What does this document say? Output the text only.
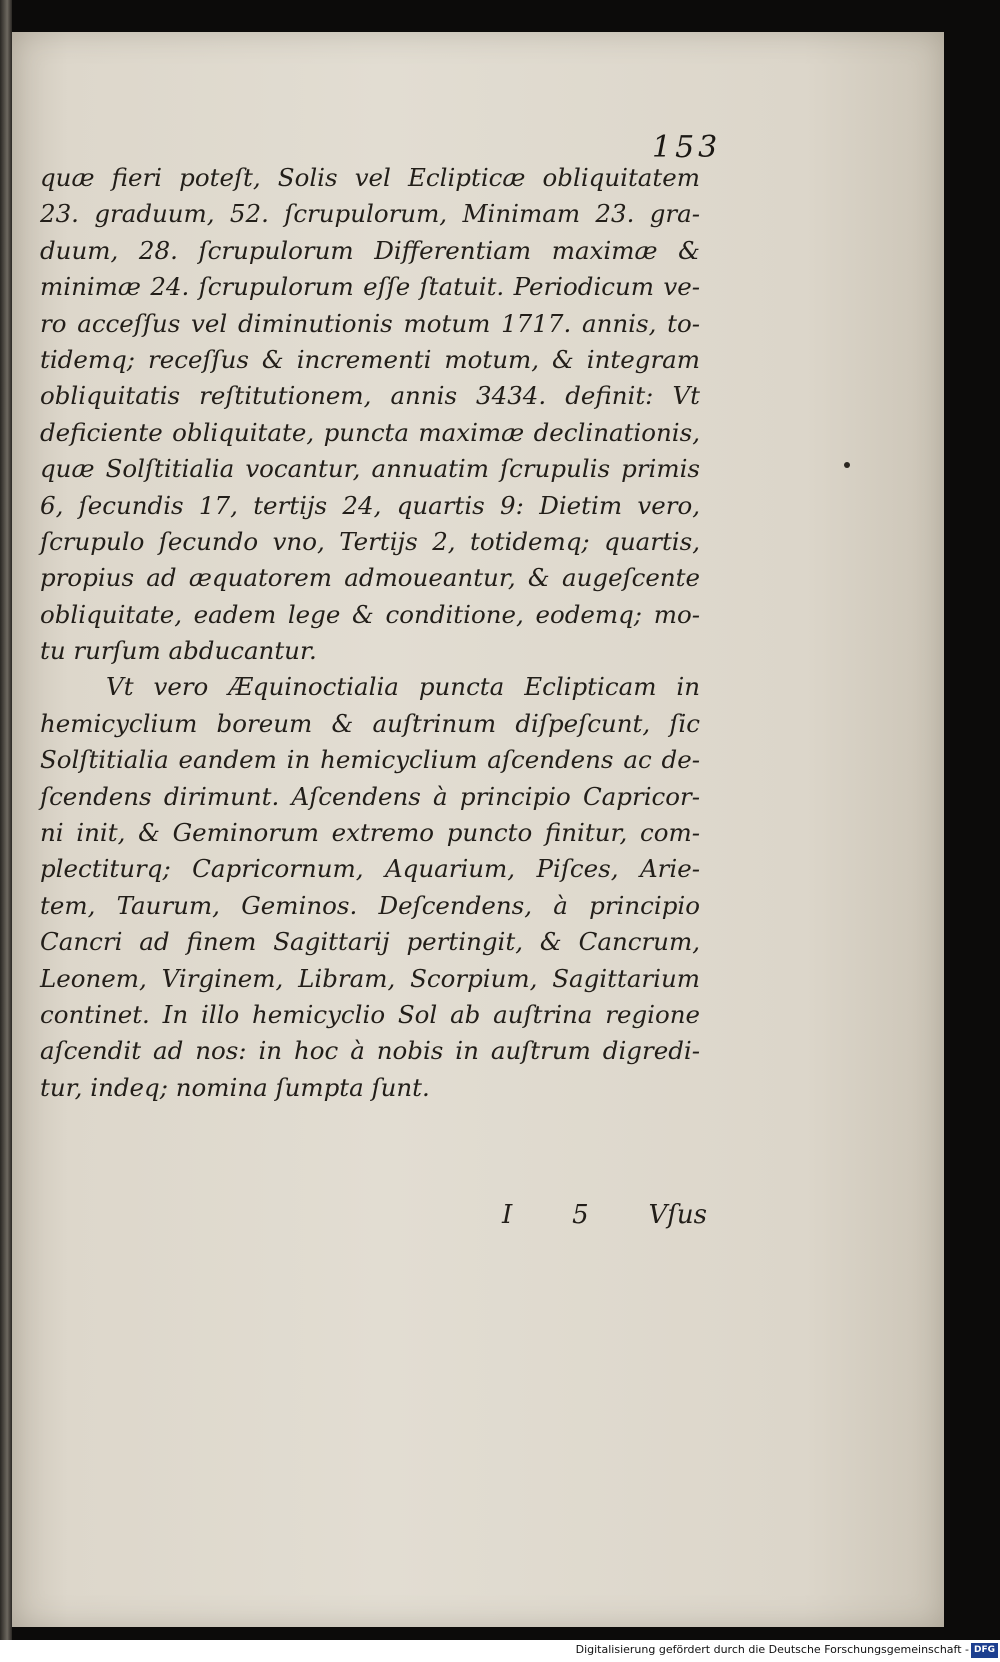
153
quæ fieri poteſt, Solis vel Eclipticæ obliquitatem
23. graduum, 52. ſcrupulorum, Minimam 23. gra-
duum, 28. ſcrupulorum Differentiam maximæ &
minimæ 24. ſcrupulorum eſſe ſtatuit. Periodicum ve-
ro acceſſus vel diminutionis motum 1717. annis, to-
tidemq; receſſus & incrementi motum, & integram
obliquitatis reſtitutionem, annis 3434. definit: Vt
deficiente obliquitate, puncta maximæ declinationis,
quæ Solſtitialia vocantur, annuatim ſcrupulis primis
6, ſecundis 17, tertijs 24, quartis 9: Dietim vero,
ſcrupulo ſecundo vno, Tertijs 2, totidemq; quartis,
propius ad æquatorem admoueantur, & augeſcente
obliquitate, eadem lege & conditione, eodemq; mo-
tu rurſum abducantur.
Vt vero Æquinoctialia puncta Eclipticam in
hemicyclium boreum & auſtrinum diſpeſcunt, ſic
Solſtitialia eandem in hemicyclium aſcendens ac de-
ſcendens dirimunt. Aſcendens à principio Capricor-
ni init, & Geminorum extremo puncto finitur, com-
plectiturq; Capricornum, Aquarium, Piſces, Arie-
tem, Taurum, Geminos. Deſcendens, à principio
Cancri ad finem Sagittarij pertingit, & Cancrum,
Leonem, Virginem, Libram, Scorpium, Sagittarium
continet. In illo hemicyclio Sol ab auſtrina regione
aſcendit ad nos: in hoc à nobis in auſtrum digredi-
tur, indeq; nomina ſumpta ſunt.
I 5 Vſus
Digitalisierung gefördert durch die Deutsche Forschungsgemeinschaft - DFG
